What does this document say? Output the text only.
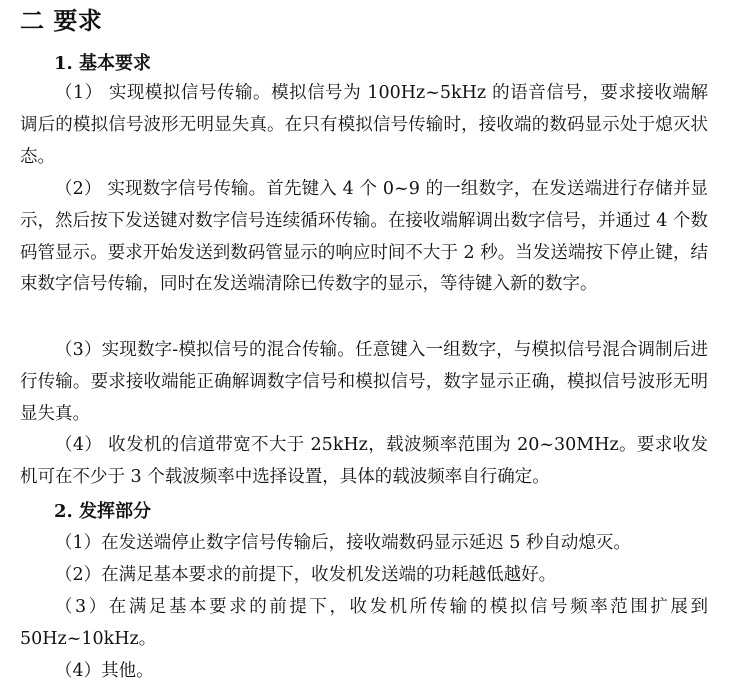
二 要求
1. 基本要求

（1） 实现模拟信号传输。模拟信号为 100Hz~5kHz 的语音信号，要求接收端解调后的模拟信号波形无明显失真。在只有模拟信号传输时，接收端的数码显示处于熄灭状态。

（2） 实现数字信号传输。首先键入 4 个 0~9 的一组数字，在发送端进行存储并显示，然后按下发送键对数字信号连续循环传输。在接收端解调出数字信号，并通过 4 个数码管显示。要求开始发送到数码管显示的响应时间不大于 2 秒。当发送端按下停止键，结束数字信号传输，同时在发送端清除已传数字的显示，等待键入新的数字。

（3）实现数字-模拟信号的混合传输。任意键入一组数字，与模拟信号混合调制后进行传输。要求接收端能正确解调数字信号和模拟信号，数字显示正确，模拟信号波形无明显失真。

（4） 收发机的信道带宽不大于 25kHz，载波频率范围为 20~30MHz。要求收发机可在不少于 3 个载波频率中选择设置，具体的载波频率自行确定。

2. 发挥部分

（1）在发送端停止数字信号传输后，接收端数码显示延迟 5 秒自动熄灭。

（2）在满足基本要求的前提下，收发机发送端的功耗越低越好。

（3）在满足基本要求的前提下，收发机所传输的模拟信号频率范围扩展到50Hz~10kHz。

（4）其他。
